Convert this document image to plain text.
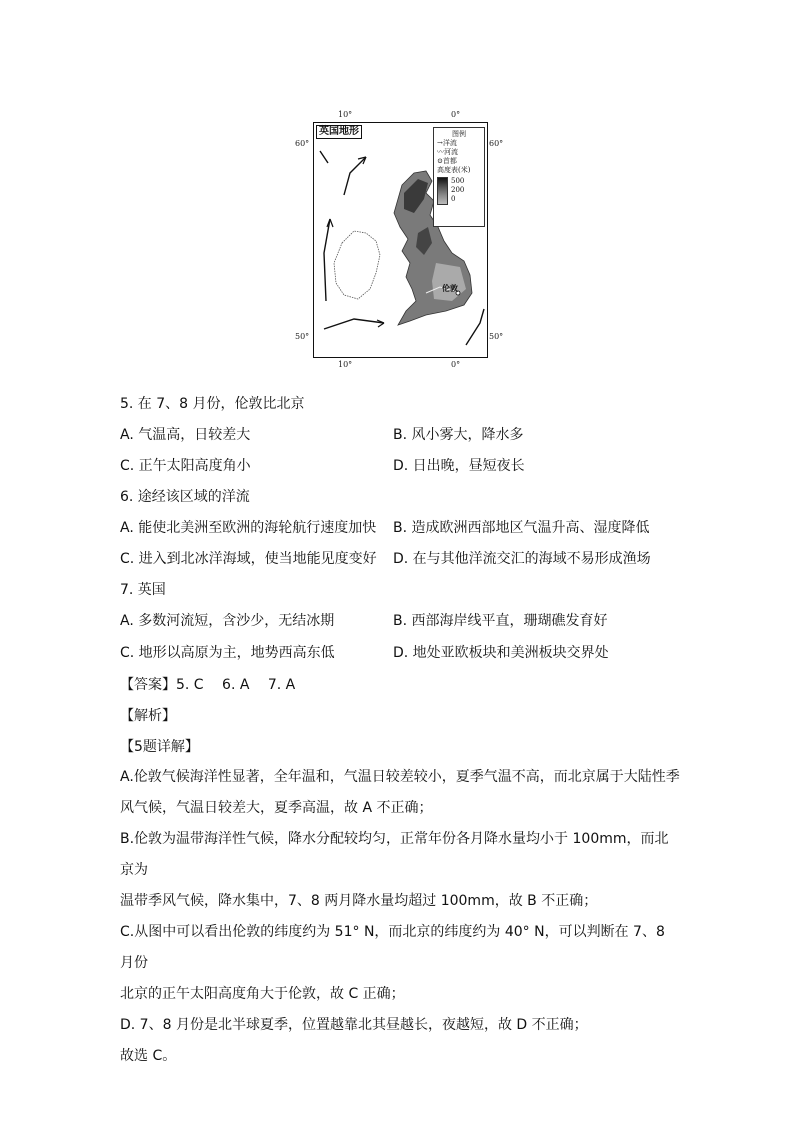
10°	0°
10°	0°
60°	60°
50°	50°
英国地形
伦敦
图例
→ 洋流
〰 河流
⊙ 首都
高度表(米)
500
200
0
5. 在 7、8 月份，伦敦比北京
A. 气温高，日较差大	B. 风小雾大，降水多
C. 正午太阳高度角小	D. 日出晚，昼短夜长
6. 途经该区域的洋流
A. 能使北美洲至欧洲的海轮航行速度加快 B. 造成欧洲西部地区气温升高、湿度降低
C. 进入到北冰洋海域，使当地能见度变好 D. 在与其他洋流交汇的海域不易形成渔场
7. 英国
A. 多数河流短，含沙少，无结冰期	B. 西部海岸线平直，珊瑚礁发育好
C. 地形以高原为主，地势西高东低	D. 地处亚欧板块和美洲板块交界处
【答案】5. C　 6. A　 7. A
【解析】
【5题详解】

A.伦敦气候海洋性显著，全年温和，气温日较差较小，夏季气温不高，而北京属于大陆性季

风气候，气温日较差大，夏季高温，故 A 不正确；

B.伦敦为温带海洋性气候，降水分配较均匀，正常年份各月降水量均小于 100mm，而北京为

温带季风气候，降水集中，7、8 两月降水量均超过 100mm，故 B 不正确；

C.从图中可以看出伦敦的纬度约为 51° N，而北京的纬度约为 40° N，可以判断在 7、8 月份

北京的正午太阳高度角大于伦敦，故 C 正确；

D. 7、8 月份是北半球夏季，位置越靠北其昼越长，夜越短，故 D 不正确；

故选 C。
